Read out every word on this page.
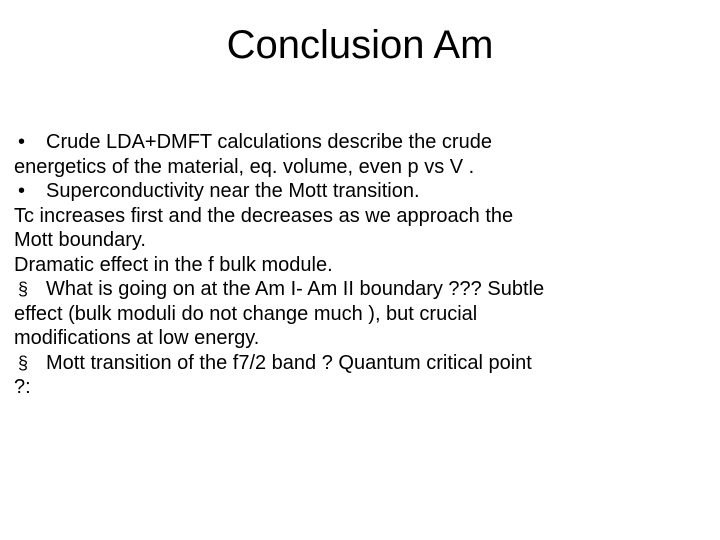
Conclusion Am
• Crude LDA+DMFT calculations describe the crude
energetics of the material, eq. volume, even p vs V .
• Superconductivity near the Mott transition.
Tc increases first and the decreases as we approach the
Mott boundary.
Dramatic effect in the f bulk module.
§ What is going on at the Am I- Am II boundary ??? Subtle
effect (bulk moduli do not change much ), but crucial
modifications at low energy.
§ Mott transition of the f7/2 band ? Quantum critical point
?:
